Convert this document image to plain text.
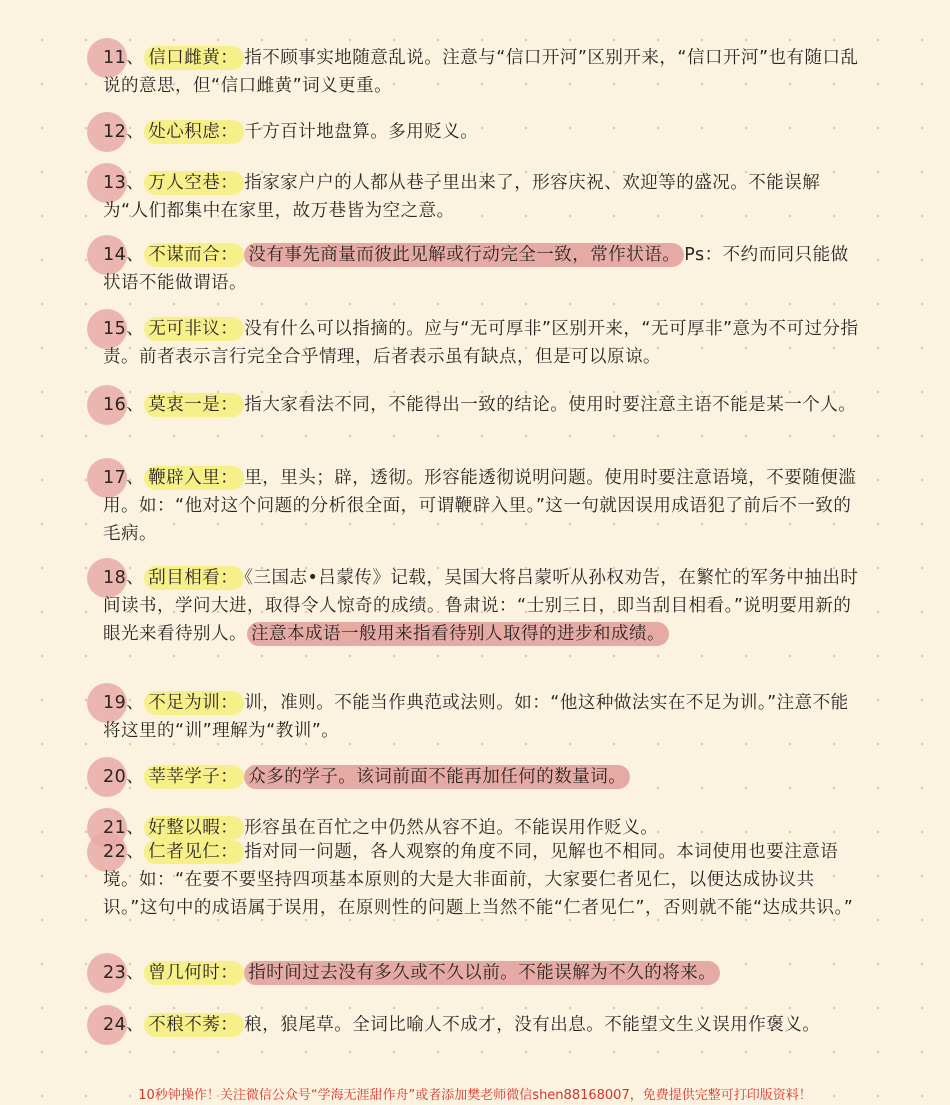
11、 信口雌黄： 指不顾事实地随意乱说。注意与“信口开河”区别开来，“信口开河”也有随口乱说的意思，但“信口雌黄”词义更重。
12、 处心积虑： 千方百计地盘算。多用贬义。
13、 万人空巷： 指家家户户的人都从巷子里出来了，形容庆祝、欢迎等的盛况。不能误解为“人们都集中在家里，故万巷皆为空之意。
14、 不谋而合： 没有事先商量而彼此见解或行动完全一致，常作状语。 Ps：不约而同只能做状语不能做谓语。
15、 无可非议： 没有什么可以指摘的。应与“无可厚非”区别开来，“无可厚非”意为不可过分指责。前者表示言行完全合乎情理，后者表示虽有缺点，但是可以原谅。
16、 莫衷一是： 指大家看法不同，不能得出一致的结论。使用时要注意主语不能是某一个人。
17、 鞭辟入里： 里，里头；辟，透彻。形容能透彻说明问题。使用时要注意语境，不要随便滥用。如：“他对这个问题的分析很全面，可谓鞭辟入里。”这一句就因误用成语犯了前后不一致的毛病。
18、 刮目相看： 《三国志•吕蒙传》记载，吴国大将吕蒙听从孙权劝告，在繁忙的军务中抽出时间读书，学问大进，取得令人惊奇的成绩。鲁肃说：“士别三日，即当刮目相看。”说明要用新的眼光来看待别人。 注意本成语一般用来指看待别人取得的进步和成绩。
19、 不足为训： 训，准则。不能当作典范或法则。如：“他这种做法实在不足为训。”注意不能将这里的“训”理解为“教训”。
20、 莘莘学子： 众多的学子。该词前面不能再加任何的数量词。
21、 好整以暇： 形容虽在百忙之中仍然从容不迫。不能误用作贬义。
22、 仁者见仁： 指对同一问题，各人观察的角度不同，见解也不相同。本词使用也要注意语境。如：“在要不要坚持四项基本原则的大是大非面前，大家要仁者见仁，以便达成协议共识。”这句中的成语属于误用，在原则性的问题上当然不能“仁者见仁”，否则就不能“达成共识。”
23、 曾几何时： 指时间过去没有多久或不久以前。不能误解为不久的将来。
24、 不稂不莠： 稂，狼尾草。全词比喻人不成才，没有出息。不能望文生义误用作褒义。
10秒钟操作！关注微信公众号“学海无涯甜作舟”或者添加樊老师微信shen88168007，免费提供完整可打印版资料！
